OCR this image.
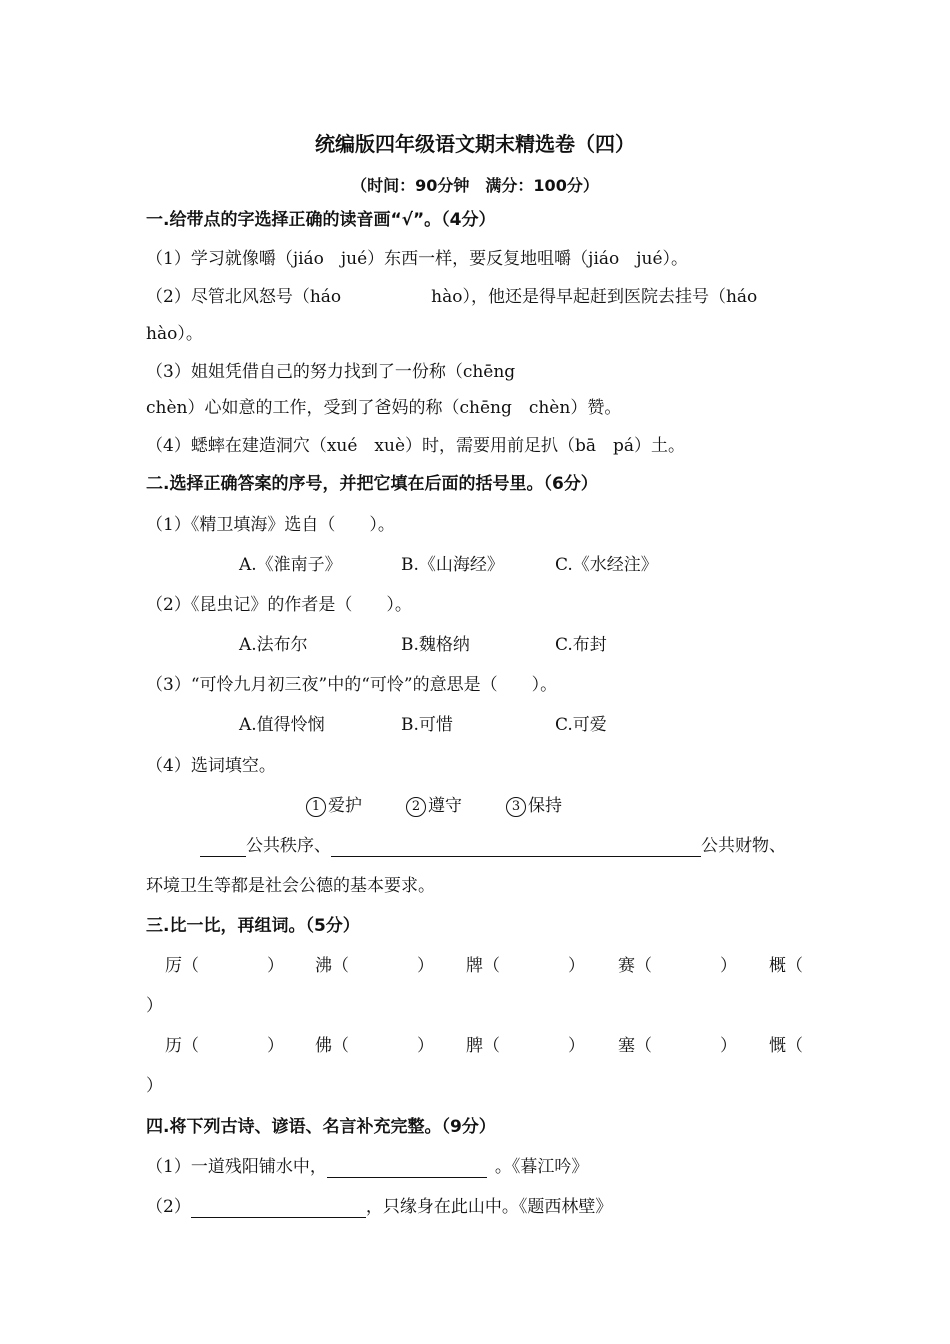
统编版四年级语文期末精选卷（四）
（时间：90分钟　满分：100分）
一.给带点的字选择正确的读音画“√”。（4分）
（1）学习就像嚼（jiáo　jué）东西一样，要反复地咀嚼（jiáo　jué）。
（2）尽管北风怒号（háo	hào），他还是得早起赶到医院去挂号（háo
hào）。
（3）姐姐凭借自己的努力找到了一份称（chēng
chèn）心如意的工作，受到了爸妈的称（chēng　chèn）赞。
（4）蟋蟀在建造洞穴（xué　xuè）时，需要用前足扒（bā　pá）土。
二.选择正确答案的序号，并把它填在后面的括号里。（6分）
（1）《精卫填海》选自（　　）。
A.《淮南子》	B.《山海经》	C.《水经注》
（2）《昆虫记》的作者是（　　）。
A.法布尔	B.魏格纳	C.布封
（3）“可怜九月初三夜”中的“可怜”的意思是（　　）。
A.值得怜悯	B.可惜	C.可爱
（4）选词填空。
1 爱护	2 遵守	3 保持
公共秩序、	公共财物、
环境卫生等都是社会公德的基本要求。
三.比一比，再组词。（5分）
厉（	） 沸（	） 牌（	） 赛（	） 概（
）
历（	） 佛（	） 脾（	） 塞（	） 慨（
）
四.将下列古诗、谚语、名言补充完整。（9分）
（1）一道残阳铺水中，	。《暮江吟》
（2）	，只缘身在此山中。《题西林壁》
